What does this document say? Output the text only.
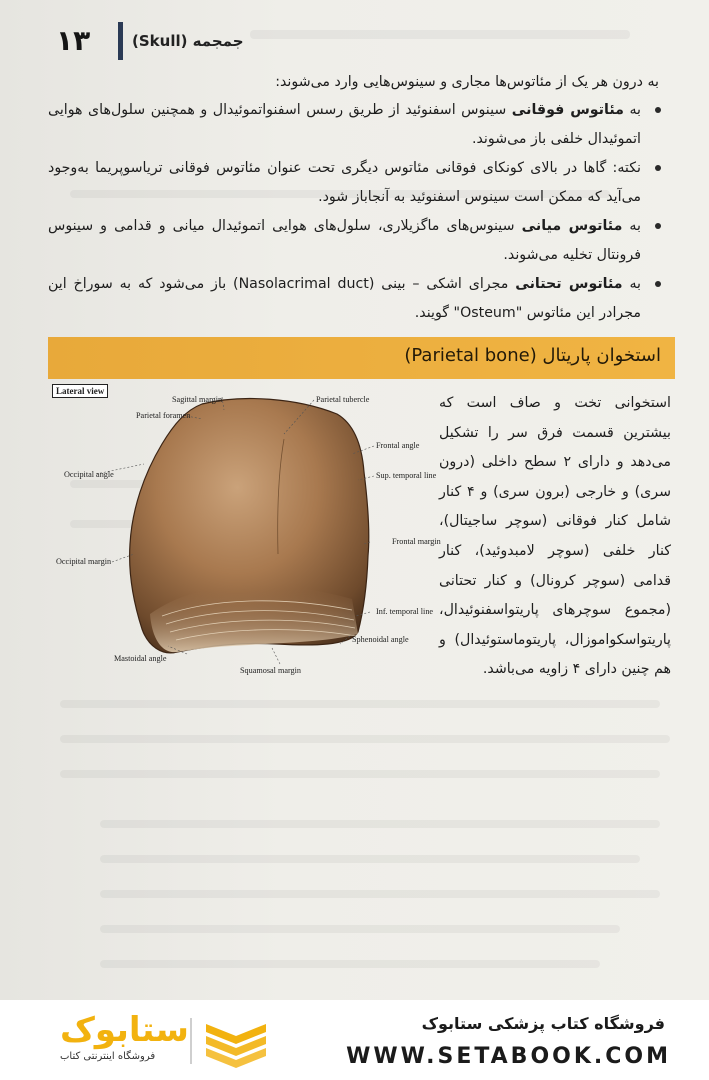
۱۳	جمجمه (Skull)
به درون هر یک از مئاتوس‌ها مجاری و سینوس‌هایی وارد می‌شوند:
به مئاتوس فوقانی سینوس اسفنوئید از طریق رسس اسفنواتموئیدال و همچنین سلول‌های هوایی اتموئیدال خلفی باز می‌شوند.
نکته: گاها در بالای کونکای فوقانی مئاتوس دیگری تحت عنوان مئاتوس فوقانی تریاسوپریما به‌وجود می‌آید که ممکن است سینوس اسفنوئید به آنجاباز شود.
به مئاتوس میانی سینوس‌های ماگزیلاری، سلول‌های هوایی اتموئیدال میانی و قدامی و سینوس فرونتال تخلیه می‌شوند.
به مئاتوس تحتانی مجرای اشکی – بینی (Nasolacrimal duct) باز می‌شود که به سوراخ این مجرادر این مئاتوس "Osteum" گویند.
استخوان پاریتال (Parietal bone)
Lateral view
Sagittal margin
Parietal foramen
Parietal tubercle
Frontal angle
Sup. temporal line
Occipital angle
Frontal margin
Occipital margin
Inf. temporal line
Sphenoidal angle
Mastoidal angle
Squamosal margin
استخوانی تخت و صاف است که بیشترین قسمت فرق سر را تشکیل می‌دهد و دارای ۲ سطح داخلی (درون سری) و خارجی (برون سری) و ۴ کنار شامل کنار فوقانی (سوچر ساجیتال)، کنار خلفی (سوچر لامبدوئید)، کنار قدامی (سوچر کرونال) و کنار تحتانی (مجموع سوچرهای پاریتواسفنوئیدال، پاریتواسکواموزال، پاریتوماستوئیدال) و هم چنین دارای ۴ زاویه می‌باشد.
فروشگاه کتاب پزشکی ستابوک
WWW.SETABOOK.COM
ستابوک
فروشگاه اینترنتی کتاب
